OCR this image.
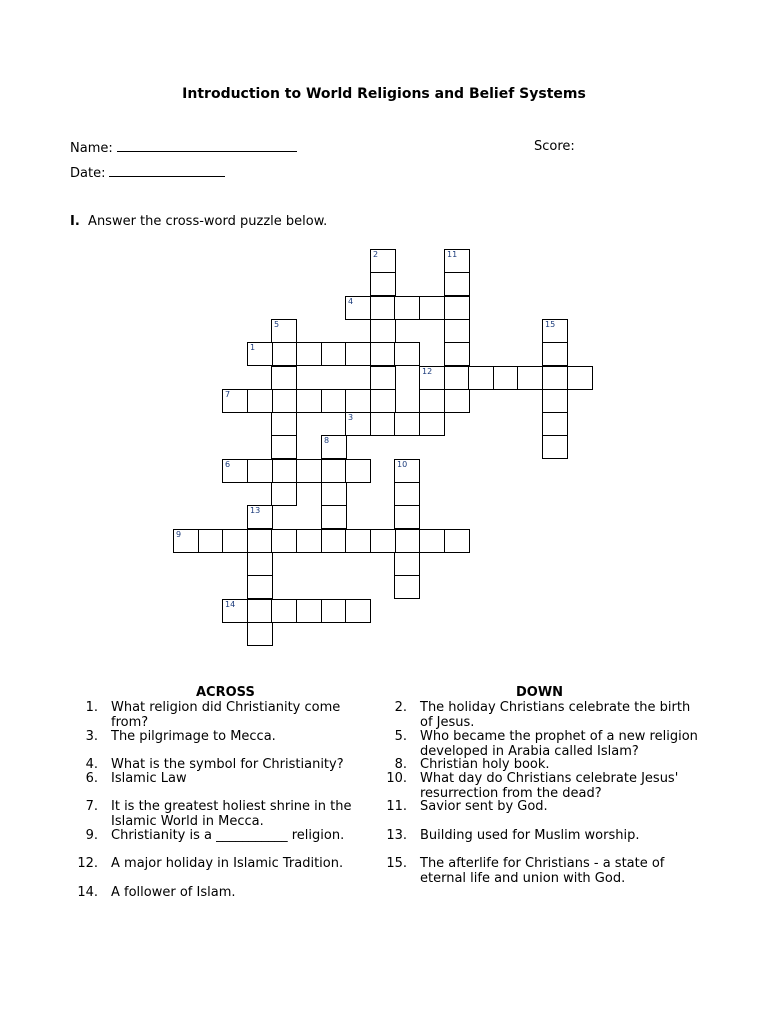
Introduction to World Religions and Belief Systems
Name:	Score:
Date:
I. Answer the cross-word puzzle below.
2	11
4
5
1
12
15
7
3
8
6	10
13
9
14
ACROSS	DOWN
1. What religion did Christianity come from?
3. The pilgrimage to Mecca.
4. What is the symbol for Christianity?
6. Islamic Law
7. It is the greatest holiest shrine in the Islamic World in Mecca.
9. Christianity is a ___________ religion.
12. A major holiday in Islamic Tradition.
14. A follower of Islam.
2. The holiday Christians celebrate the birth of Jesus.
5. Who became the prophet of a new religion developed in Arabia called Islam?
8. Christian holy book.
10. What day do Christians celebrate Jesus' resurrection from the dead?
11. Savior sent by God.
13. Building used for Muslim worship.
15. The afterlife for Christians - a state of eternal life and union with God.
